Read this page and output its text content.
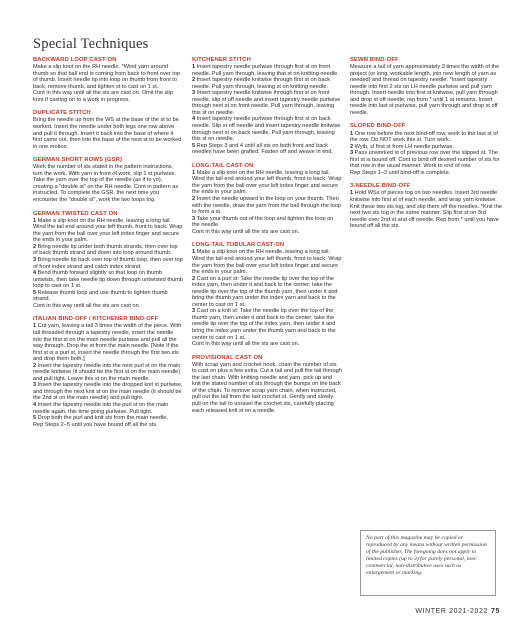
Special Techniques
BACKWARD LOOP CAST-ON

Make a slip knot on the RH needle. *Wind yarn around thumb so that ball end is coming from back to front over top of thumb. Insert needle tip into loop on thumb from front to back, remove thumb, and tighten st to cast on 1 st.

Cont in this way until all the sts are cast on. Omit the slip knot if casting on to a work in progress.

DUPLICATE STITCH

Bring the needle up from the WS at the base of the st to be worked. Insert the needle under both legs one row above and pull it through. Insert it back into the base of where it first came out, then into the base of the next st to be worked in one motion.

GERMAN SHORT ROWS (GSR)

Work the number of sts stated in the pattern instructions, turn the work. With yarn in front of work, slip 1 st purlwise. Take the yarn over the top of the needle (as if to yo), creating a "double st" on the RH needle. Cont in pattern as instructed. To complete the GSR, the next time you encounter the "double st", work the two loops tog.

GERMAN TWISTED CAST ON

1 Make a slip knot on the RH needle, leaving a long tail. Wind the tail end around your left thumb, front to back. Wrap the yarn from the ball over your left index finger and secure the ends in your palm.

2 Bring needle tip under both thumb strands, then over top of back thumb strand and down into loop around thumb.

3 Bring needle tip back over top of thumb loop, then over top of front index strand and catch index strand.

4 Bend thumb forward slightly so that loop on thumb untwists, then take needle tip down through untwisted thumb loop to cast on 1 st.

5 Release thumb loop and use thumb to tighten thumb strand.

Cont in this way until all the sts are cast on.

ITALIAN BIND-OFF / KITCHENER BIND-OFF

1 Cut yarn, leaving a tail 3 times the width of the piece. With tail threaded through a tapestry needle, insert the needle into the first st on the main needle purlwise and pull all the way through. Drop the st from the main needle. [Note If the first st is a purl st, insert the needle through the first two sts and drop them both.]

2 Insert the tapestry needle into the next purl st on the main needle knitwise (it should be the first st on the main needle) and pull tight. Leave this st on the main needle.

3 Insert the tapestry needle into the dropped knit st purlwise, and through the next knit st on the main needle (it should be the 2nd st on the main needle) and pull tight.

4 Insert the tapestry needle into the purl st on the main needle again, this time going purlwise. Pull tight.

5 Drop both the purl and knit sts from the main needle.

Rep Steps 2–5 until you have bound off all the sts.

KITCHENER STITCH

1 Insert tapestry needle purlwise through first st on front needle. Pull yarn through, leaving that st on knitting needle.

2 Insert tapestry needle knitwise through first st on back needle. Pull yarn through, leaving st on knitting needle.

3 Insert tapestry needle knitwise through first st on front needle, slip st off needle and insert tapestry needle purlwise through next st on front needle. Pull yarn through, leaving this st on needle.

4 Insert tapestry needle purlwise through first st on back needle. Slip st off needle and insert tapestry needle knitwise through next st on back needle. Pull yarn through, leaving this st on needle.

5 Rep Steps 3 and 4 until all sts on both front and back needles have been grafted. Fasten off and weave in end.

LONG-TAIL CAST-ON

1 Make a slip knot on the RH needle, leaving a long tail. Wind the tail end around your left thumb, front to back. Wrap the yarn from the ball over your left index finger and secure the ends in your palm.

2 Insert the needle upward in the loop on your thumb. Then with the needle, draw the yarn from the ball through the loop to form a st.

3 Take your thumb out of the loop and tighten the loop on the needle.

Cont in this way until all the sts are cast on.

LONG-TAIL TUBULAR CAST-ON

1 Make a slip knot on the RH needle, leaving a long tail. Wind the tail end around your left thumb, front to back. Wrap the yarn from the ball over your left index finger and secure the ends in your palm.

2 Cast on a purl st: Take the needle tip over the top of the index yarn, then under it and back to the center; take the needle tip over the top of the thumb yarn, then under it and bring the thumb yarn under the index yarn and back to the center to cast on 1 st.

3 Cast on a knit st: Take the needle tip over the top of the thumb yarn, then under it and back to the center; take the needle tip over the top of the index yarn, then under it and bring the index yarn under the thumb yarn and back to the center to cast on 1 st.

Cont in this way until all the sts are cast on.

PROVISIONAL CAST ON

With scrap yarn and crochet hook, chain the number of sts to cast on plus a few extra. Cut a tail and pull the tail through the last chain. With knitting needle and yarn, pick up and knit the stated number of sts through the bumps on the back of the chain. To remove scrap yarn chain, when instructed, pull out the tail from the last crochet st. Gently and slowly pull on the tail to unravel the crochet sts, carefully placing each released knit st on a needle.

SEWN BIND-OFF

Measure a tail of yarn approximately 3 times the width of the project (or long, workable length, join new length of yarn as needed) and thread on tapestry needle. *Insert tapestry needle into first 2 sts on LH needle purlwise and pull yarn through. Insert needle into first st knitwise, pull yarn through and drop st off needle; rep from * until 1 st remains. Insert needle into last st purlwise, pull yarn through and drop st off needle.

SLOPED BIND-OFF

1 One row before the next bind-off row, work to the last st of the row. Do NOT work this st. Turn work.

2 Wyib, sl first st from LH needle purlwise.

3 Pass unworked st of previous row over the slipped st. The first st is bound off. Cont to bind off desired number of sts for that row in the usual manner. Work to end of row.

Rep Steps 1–3 until bind-off is complete.

3-NEEDLE BIND-OFF

1 Hold WSs of pieces tog on two needles. Insert 3rd needle knitwise into first st of each needle, and wrap yarn knitwise. Knit these two sts tog, and slip them off the needles. *Knit the next two sts tog in the same manner. Slip first st on 3rd needle over 2nd st and off needle. Rep from * until you have bound off all the sts.

No part of this magazine may be copied or reproduced by any means without written permission of the publisher. The foregoing does not apply to limited copies (up to 3) for purely personal, non-commercial, non-distributive uses such as enlargement or marking.
WINTER 2021-2022 75
